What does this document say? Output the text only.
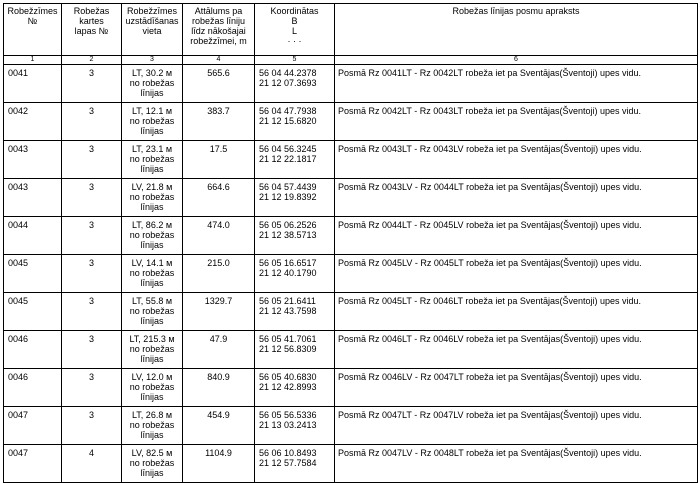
Robežzīmes
№	Robežas
kartes
lapas №	Robežzīmes
uzstādīšanas
vieta	Attālums pa
robežas līniju
līdz nākošajai
robežzīmei, m	Koordinātas
B
L
· · ·	Robežas līnijas posmu apraksts
1	2	3	4	5	6
0041	3	LT, 30.2 м
no robežas
līnijas	565.6	56 04 44.2378
21 12 07.3693	Posmā Rz 0041LT - Rz 0042LT robeža iet pa Sventājas(Šventoji) upes vidu.
0042	3	LT, 12.1 м
no robežas
līnijas	383.7	56 04 47.7938
21 12 15.6820	Posmā Rz 0042LT - Rz 0043LT robeža iet pa Sventājas(Šventoji) upes vidu.
0043	3	LT, 23.1 м
no robežas
līnijas	17.5	56 04 56.3245
21 12 22.1817	Posmā Rz 0043LT - Rz 0043LV robeža iet pa Sventājas(Šventoji) upes vidu.
0043	3	LV, 21.8 м
no robežas
līnijas	664.6	56 04 57.4439
21 12 19.8392	Posmā Rz 0043LV - Rz 0044LT robeža iet pa Sventājas(Šventoji) upes vidu.
0044	3	LT, 86.2 м
no robežas
līnijas	474.0	56 05 06.2526
21 12 38.5713	Posmā Rz 0044LT - Rz 0045LV robeža iet pa Sventājas(Šventoji) upes vidu.
0045	3	LV, 14.1 м
no robežas
līnijas	215.0	56 05 16.6517
21 12 40.1790	Posmā Rz 0045LV - Rz 0045LT robeža iet pa Sventājas(Šventoji) upes vidu.
0045	3	LT, 55.8 м
no robežas
līnijas	1329.7	56 05 21.6411
21 12 43.7598	Posmā Rz 0045LT - Rz 0046LT robeža iet pa Sventājas(Šventoji) upes vidu.
0046	3	LT, 215.3 м
no robežas
līnijas	47.9	56 05 41.7061
21 12 56.8309	Posmā Rz 0046LT - Rz 0046LV robeža iet pa Sventājas(Šventoji) upes vidu.
0046	3	LV, 12.0 м
no robežas
līnijas	840.9	56 05 40.6830
21 12 42.8993	Posmā Rz 0046LV - Rz 0047LT robeža iet pa Sventājas(Šventoji) upes vidu.
0047	3	LT, 26.8 м
no robežas
līnijas	454.9	56 05 56.5336
21 13 03.2413	Posmā Rz 0047LT - Rz 0047LV robeža iet pa Sventājas(Šventoji) upes vidu.
0047	4	LV, 82.5 м
no robežas
līnijas	1104.9	56 06 10.8493
21 12 57.7584	Posmā Rz 0047LV - Rz 0048LT robeža iet pa Sventājas(Šventoji) upes vidu.
